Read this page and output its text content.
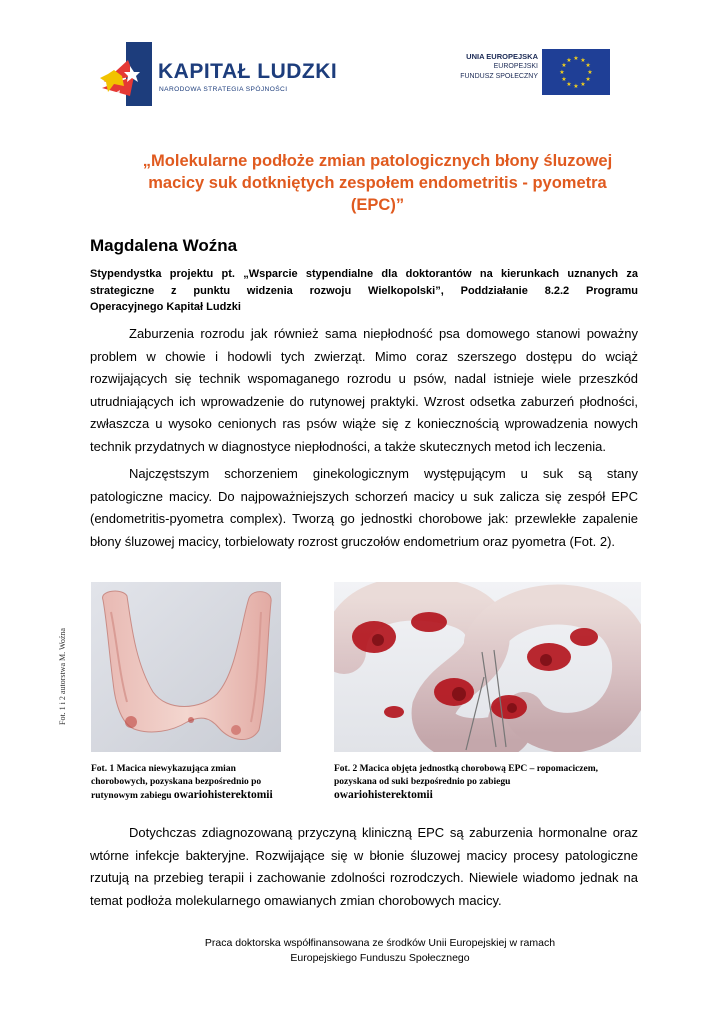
KAPITAŁ LUDZKI
NARODOWA STRATEGIA SPÓJNOŚCI
UNIA EUROPEJSKA
EUROPEJSKI
FUNDUSZ SPOŁECZNY	★
★
★
★
★
★
★
★
★ ★ ★
★
„Molekularne podłoże zmian patologicznych błony śluzowej
macicy suk dotkniętych zespołem endometritis - pyometra
(EPC)”
Magdalena Woźna
Stypendystka projektu pt. „Wsparcie stypendialne dla doktorantów na kierunkach uznanych za
strategiczne z punktu widzenia rozwoju Wielkopolski”, Poddziałanie 8.2.2 Programu
Operacyjnego Kapitał Ludzki
Zaburzenia rozrodu jak również sama niepłodność psa domowego stanowi poważny
problem w chowie i hodowli tych zwierząt. Mimo coraz szerszego dostępu do wciąż
rozwijających się technik wspomaganego rozrodu u psów, nadal istnieje wiele przeszkód
utrudniających ich wprowadzenie do rutynowej praktyki. Wzrost odsetka zaburzeń płodności,
zwłaszcza u wysoko cenionych ras psów wiąże się z koniecznością wprowadzenia nowych
technik przydatnych w diagnostyce niepłodności, a także skutecznych metod ich leczenia.
Najczęstszym schorzeniem ginekologicznym występującym u suk są stany
patologiczne macicy. Do najpoważniejszych schorzeń macicy u suk zalicza się zespół EPC
(endometritis-pyometra complex). Tworzą go jednostki chorobowe jak: przewlekłe zapalenie
błony śluzowej macicy, torbielowaty rozrost gruczołów endometrium oraz pyometra (Fot. 2).
Fot. 1 i 2 autorstwa M. Woźna
Fot. 1 Macica niewykazująca zmian
chorobowych, pozyskana bezpośrednio po
rutynowym zabiegu owariohisterektomii
Fot. 2 Macica objęta jednostką chorobową EPC – ropomaciczem,
pozyskana od suki bezpośrednio po zabiegu
owariohisterektomii
Dotychczas zdiagnozowaną przyczyną kliniczną EPC są zaburzenia hormonalne oraz
wtórne infekcje bakteryjne. Rozwijające się w błonie śluzowej macicy procesy patologiczne
rzutują na przebieg terapii i zachowanie zdolności rozrodczych. Niewiele wiadomo jednak na
temat podłoża molekularnego omawianych zmian chorobowych macicy.
Praca doktorska współfinansowana ze środków Unii Europejskiej w ramach
Europejskiego Funduszu Społecznego
